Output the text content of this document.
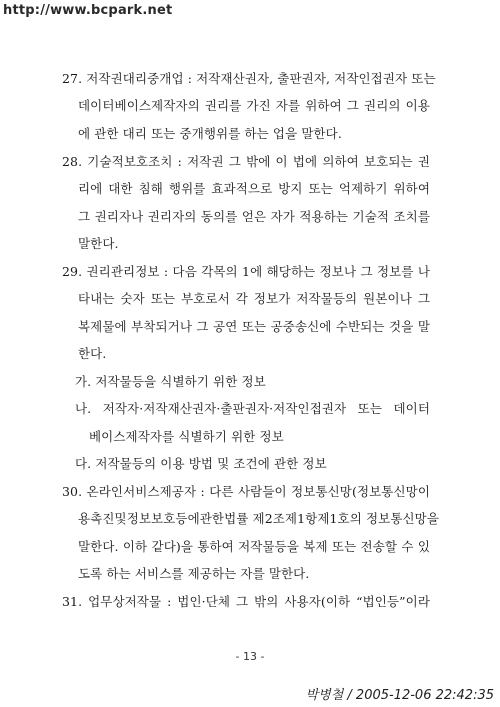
http://www.bcpark.net
27. 저작권대리중개업 : 저작재산권자, 출판권자, 저작인접권자 또는
데이터베이스제작자의 권리를 가진 자를 위하여 그 권리의 이용
에 관한 대리 또는 중개행위를 하는 업을 말한다.
28. 기술적보호조치 : 저작권 그 밖에 이 법에 의하여 보호되는 권
리에 대한 침해 행위를 효과적으로 방지 또는 억제하기 위하여
그 권리자나 권리자의 동의를 얻은 자가 적용하는 기술적 조치를
말한다.
29. 권리관리정보 : 다음 각목의 1에 해당하는 정보나 그 정보를 나
타내는 숫자 또는 부호로서 각 정보가 저작물등의 원본이나 그
복제물에 부착되거나 그 공연 또는 공중송신에 수반되는 것을 말
한다.
가. 저작물등을 식별하기 위한 정보
나. 저작자·저작재산권자·출판권자·저작인접권자 또는 데이터
베이스제작자를 식별하기 위한 정보
다. 저작물등의 이용 방법 및 조건에 관한 정보
30. 온라인서비스제공자 : 다른 사람들이 정보통신망(정보통신망이
용촉진및정보보호등에관한법률 제2조제1항제1호의 정보통신망을
말한다. 이하 같다)을 통하여 저작물등을 복제 또는 전송할 수 있
도록 하는 서비스를 제공하는 자를 말한다.
31. 업무상저작물 : 법인·단체 그 밖의 사용자(이하 “법인등”이라
- 13 -
박병철 / 2005-12-06 22:42:35
